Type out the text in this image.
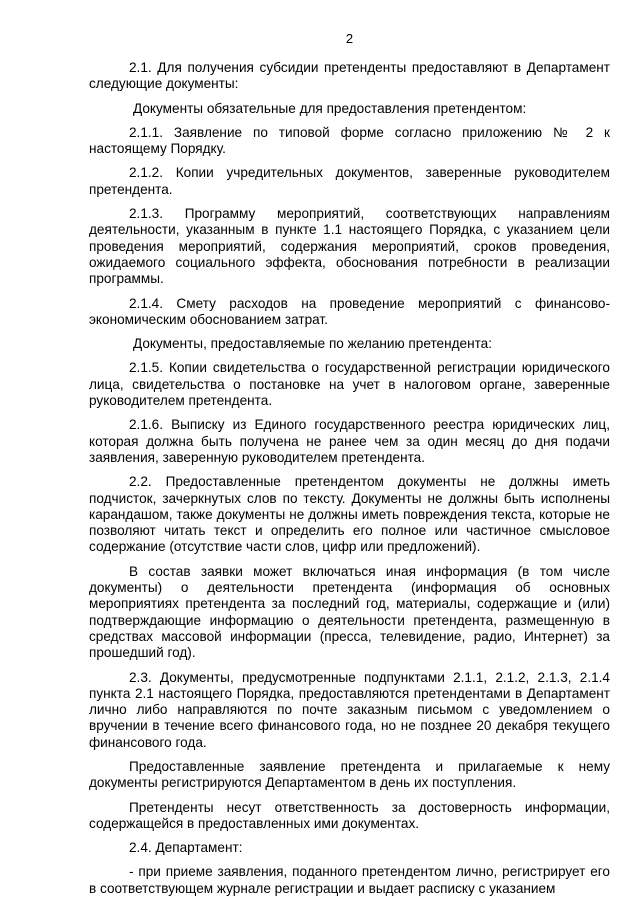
2

2.1. Для получения субсидии претенденты предоставляют в Департамент следующие документы:

Документы обязательные для предоставления претендентом:

2.1.1. Заявление по типовой форме согласно приложению № 2 к настоящему Порядку.

2.1.2. Копии учредительных документов, заверенные руководителем претендента.

2.1.3. Программу мероприятий, соответствующих направлениям деятельности, указанным в пункте 1.1 настоящего Порядка, с указанием цели проведения мероприятий, содержания мероприятий, сроков проведения, ожидаемого социального эффекта, обоснования потребности в реализации программы.

2.1.4. Смету расходов на проведение мероприятий с финансово-экономическим обоснованием затрат.

Документы, предоставляемые по желанию претендента:

2.1.5. Копии свидетельства о государственной регистрации юридического лица, свидетельства о постановке на учет в налоговом органе, заверенные руководителем претендента.

2.1.6. Выписку из Единого государственного реестра юридических лиц, которая должна быть получена не ранее чем за один месяц до дня подачи заявления, заверенную руководителем претендента.

2.2. Предоставленные претендентом документы не должны иметь подчисток, зачеркнутых слов по тексту. Документы не должны быть исполнены карандашом, также документы не должны иметь повреждения текста, которые не позволяют читать текст и определить его полное или частичное смысловое содержание (отсутствие части слов, цифр или предложений).

В состав заявки может включаться иная информация (в том числе документы) о деятельности претендента (информация об основных мероприятиях претендента за последний год, материалы, содержащие и (или) подтверждающие информацию о деятельности претендента, размещенную в средствах массовой информации (пресса, телевидение, радио, Интернет) за прошедший год).

2.3. Документы, предусмотренные подпунктами 2.1.1, 2.1.2, 2.1.3, 2.1.4 пункта 2.1 настоящего Порядка, предоставляются претендентами в Департамент лично либо направляются по почте заказным письмом с уведомлением о вручении в течение всего финансового года, но не позднее 20 декабря текущего финансового года.

Предоставленные заявление претендента и прилагаемые к нему документы регистрируются Департаментом в день их поступления.

Претенденты несут ответственность за достоверность информации, содержащейся в предоставленных ими документах.

2.4. Департамент:

- при приеме заявления, поданного претендентом лично, регистрирует его в соответствующем журнале регистрации и выдает расписку с указанием
